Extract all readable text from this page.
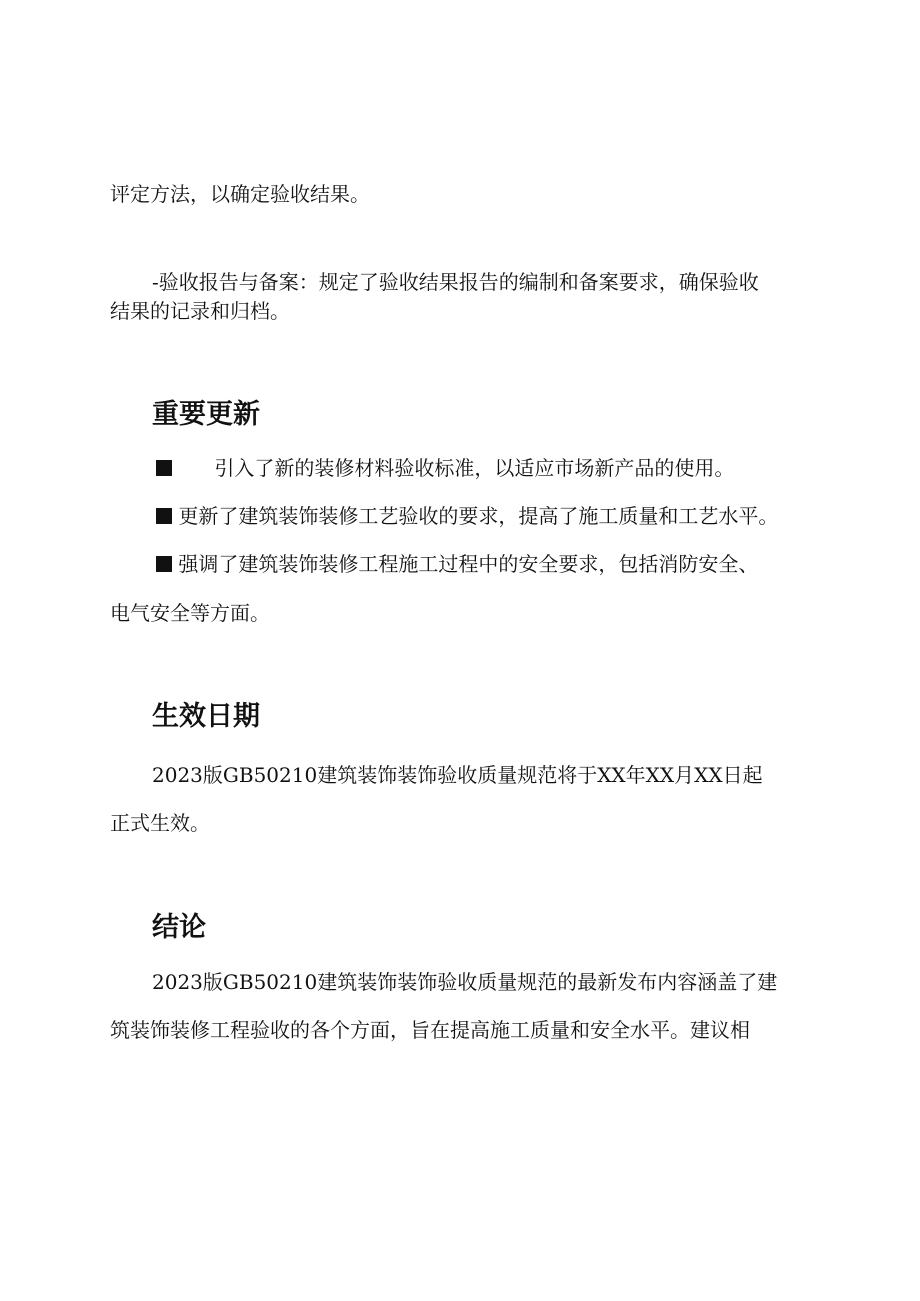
评定方法，以确定验收结果。

-验收报告与备案：规定了验收结果报告的编制和备案要求，确保验收
结果的记录和归档。
重要更新
引入了新的装修材料验收标准，以适应市场新产品的使用。
更新了建筑装饰装修工艺验收的要求，提高了施工质量和工艺水平。
强调了建筑装饰装修工程施工过程中的安全要求，包括消防安全、
电气安全等方面。
生效日期
2023版GB50210建筑装饰装饰验收质量规范将于XX年XX月XX日起
正式生效。
结论
2023版GB50210建筑装饰装饰验收质量规范的最新发布内容涵盖了建
筑装饰装修工程验收的各个方面，旨在提高施工质量和安全水平。建议相
